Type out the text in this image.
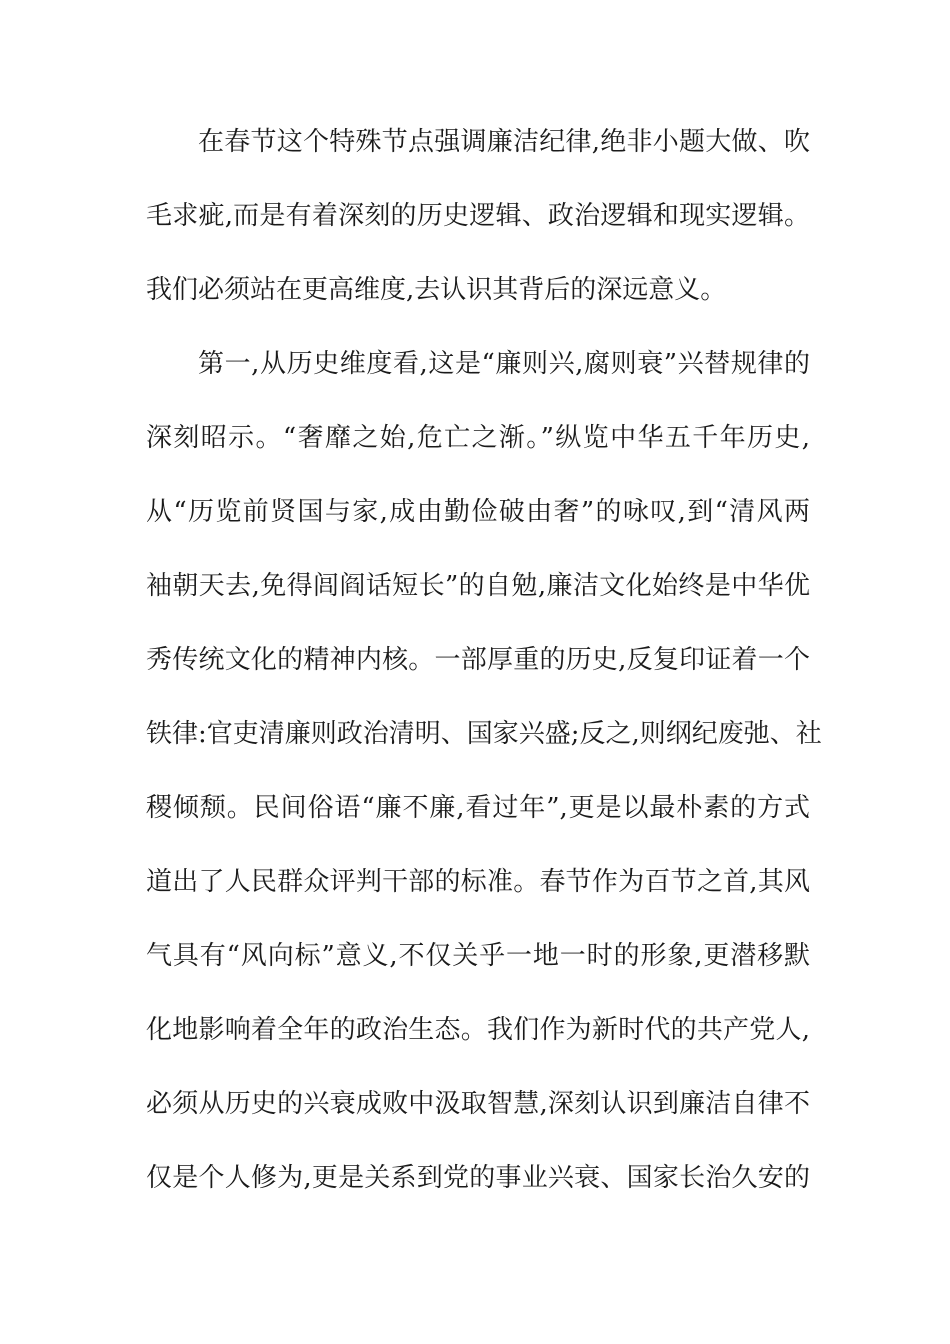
在春节这个特殊节点强调廉洁纪律,绝非小题大做、吹
毛求疵,而是有着深刻的历史逻辑、政治逻辑和现实逻辑。
我们必须站在更高维度,去认识其背后的深远意义。
第一,从历史维度看,这是“廉则兴,腐则衰”兴替规律的
深刻昭示。“奢靡之始,危亡之渐。”纵览中华五千年历史,
从“历览前贤国与家,成由勤俭破由奢”的咏叹,到“清风两
袖朝天去,免得闾阎话短长”的自勉,廉洁文化始终是中华优
秀传统文化的精神内核。一部厚重的历史,反复印证着一个
铁律:官吏清廉则政治清明、国家兴盛;反之,则纲纪废弛、社
稷倾颓。民间俗语“廉不廉,看过年”,更是以最朴素的方式
道出了人民群众评判干部的标准。春节作为百节之首,其风
气具有“风向标”意义,不仅关乎一地一时的形象,更潜移默
化地影响着全年的政治生态。我们作为新时代的共产党人,
必须从历史的兴衰成败中汲取智慧,深刻认识到廉洁自律不
仅是个人修为,更是关系到党的事业兴衰、国家长治久安的
